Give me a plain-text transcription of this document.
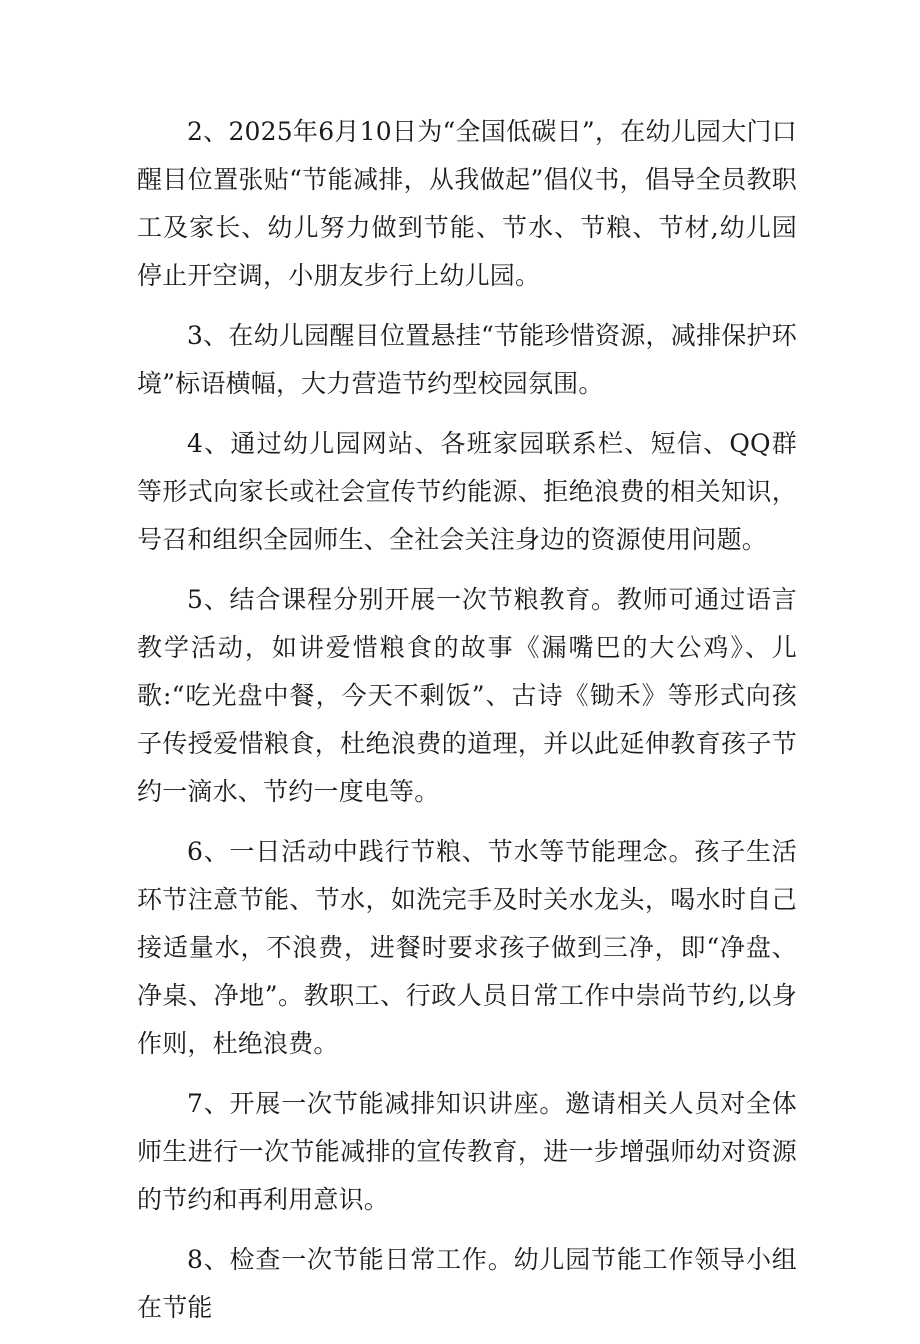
2、2025年6月10日为“全国低碳日”，在幼儿园大门口醒目位置张贴“节能减排，从我做起”倡仪书，倡导全员教职工及家长、幼儿努力做到节能、节水、节粮、节材,幼儿园停止开空调，小朋友步行上幼儿园。

3、在幼儿园醒目位置悬挂“节能珍惜资源，减排保护环境”标语横幅，大力营造节约型校园氛围。

4、通过幼儿园网站、各班家园联系栏、短信、QQ群等形式向家长或社会宣传节约能源、拒绝浪费的相关知识，号召和组织全园师生、全社会关注身边的资源使用问题。

5、结合课程分别开展一次节粮教育。教师可通过语言教学活动，如讲爱惜粮食的故事《漏嘴巴的大公鸡》、儿歌:“吃光盘中餐，今天不剩饭”、古诗《锄禾》等形式向孩子传授爱惜粮食，杜绝浪费的道理，并以此延伸教育孩子节约一滴水、节约一度电等。

6、一日活动中践行节粮、节水等节能理念。孩子生活环节注意节能、节水，如洗完手及时关水龙头，喝水时自己接适量水，不浪费，进餐时要求孩子做到三净，即“净盘、净桌、净地”。教职工、行政人员日常工作中崇尚节约,以身作则，杜绝浪费。

7、开展一次节能减排知识讲座。邀请相关人员对全体师生进行一次节能减排的宣传教育，进一步增强师幼对资源的节约和再利用意识。

8、检查一次节能日常工作。幼儿园节能工作领导小组在节能
